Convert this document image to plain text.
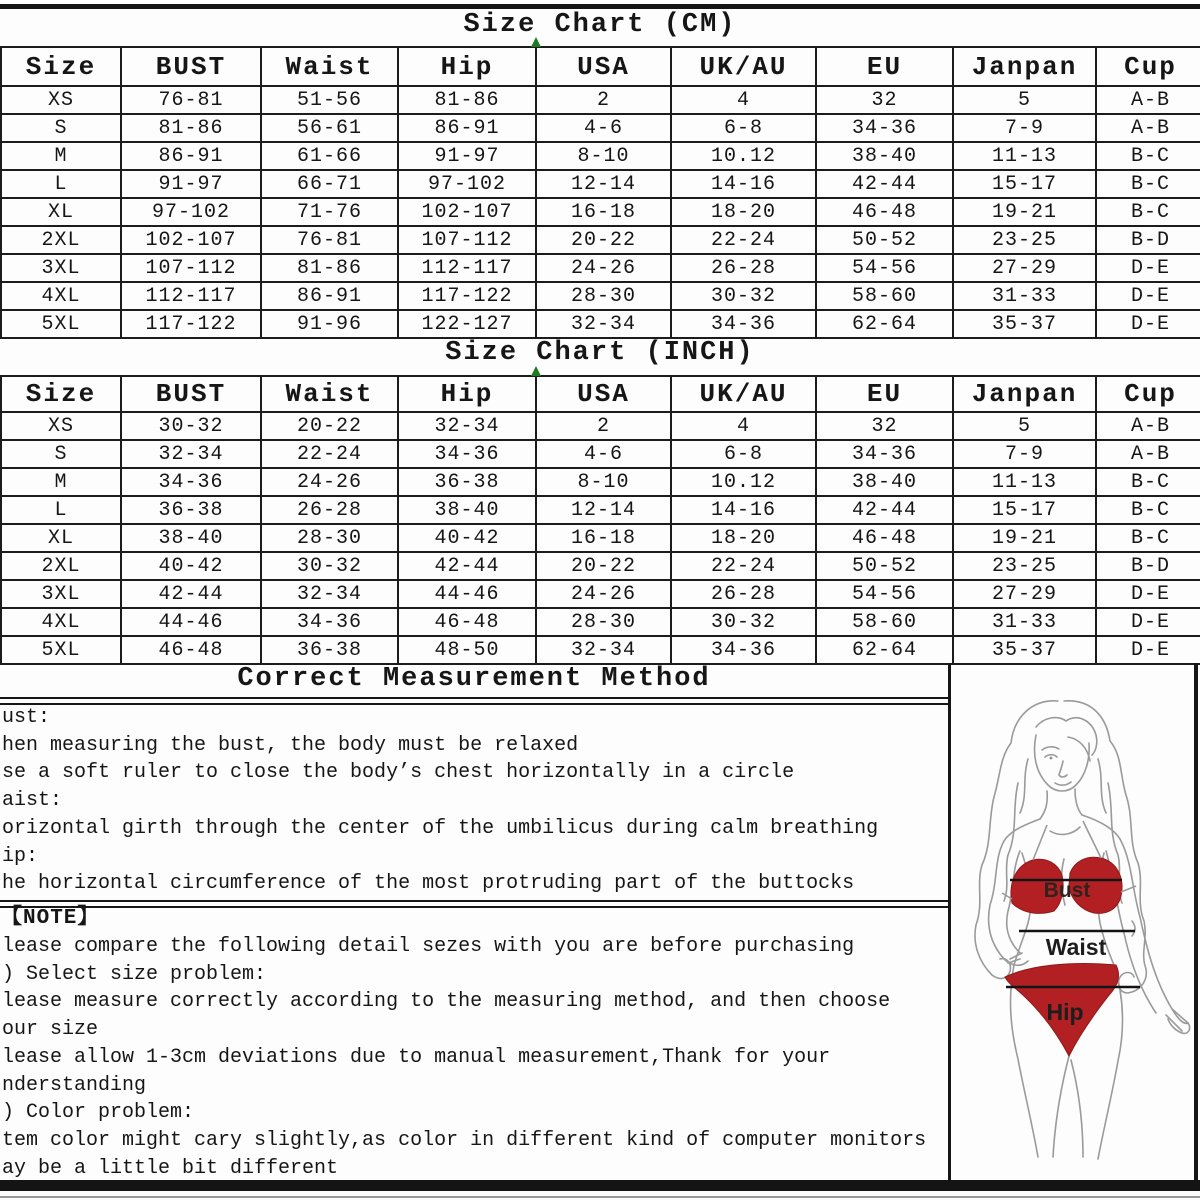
Size Chart (CM)
Size	BUST	Waist	Hip	USA	UK/AU	EU	Janpan	Cup
XS	76-81	51-56	81-86	2	4	32	5	A-B
S	81-86	56-61	86-91	4-6	6-8	34-36	7-9	A-B
M	86-91	61-66	91-97	8-10	10.12	38-40	11-13	B-C
L	91-97	66-71	97-102	12-14	14-16	42-44	15-17	B-C
XL	97-102	71-76	102-107	16-18	18-20	46-48	19-21	B-C
2XL	102-107	76-81	107-112	20-22	22-24	50-52	23-25	B-D
3XL	107-112	81-86	112-117	24-26	26-28	54-56	27-29	D-E
4XL	112-117	86-91	117-122	28-30	30-32	58-60	31-33	D-E
5XL	117-122	91-96	122-127	32-34	34-36	62-64	35-37	D-E
Size Chart (INCH)
Size	BUST	Waist	Hip	USA	UK/AU	EU	Janpan	Cup
XS	30-32	20-22	32-34	2	4	32	5	A-B
S	32-34	22-24	34-36	4-6	6-8	34-36	7-9	A-B
M	34-36	24-26	36-38	8-10	10.12	38-40	11-13	B-C
L	36-38	26-28	38-40	12-14	14-16	42-44	15-17	B-C
XL	38-40	28-30	40-42	16-18	18-20	46-48	19-21	B-C
2XL	40-42	30-32	42-44	20-22	22-24	50-52	23-25	B-D
3XL	42-44	32-34	44-46	24-26	26-28	54-56	27-29	D-E
4XL	44-46	34-36	46-48	28-30	30-32	58-60	31-33	D-E
5XL	46-48	36-38	48-50	32-34	34-36	62-64	35-37	D-E
Correct Measurement Method
ust:
hen measuring the bust, the body must be relaxed
se a soft ruler to close the body’s chest horizontally in a circle
aist:
orizontal girth through the center of the umbilicus during calm breathing
ip:
he horizontal circumference of the most protruding part of the buttocks
【NOTE】
lease compare the following detail sezes with you are before purchasing
) Select size problem:
lease measure correctly according to the measuring method, and then choose
our size
lease allow 1-3cm deviations due to manual measurement,Thank for your
nderstanding
) Color problem:
tem color might cary slightly,as color in different kind of computer monitors
ay be a little bit different
Bust
Waist
Hip
